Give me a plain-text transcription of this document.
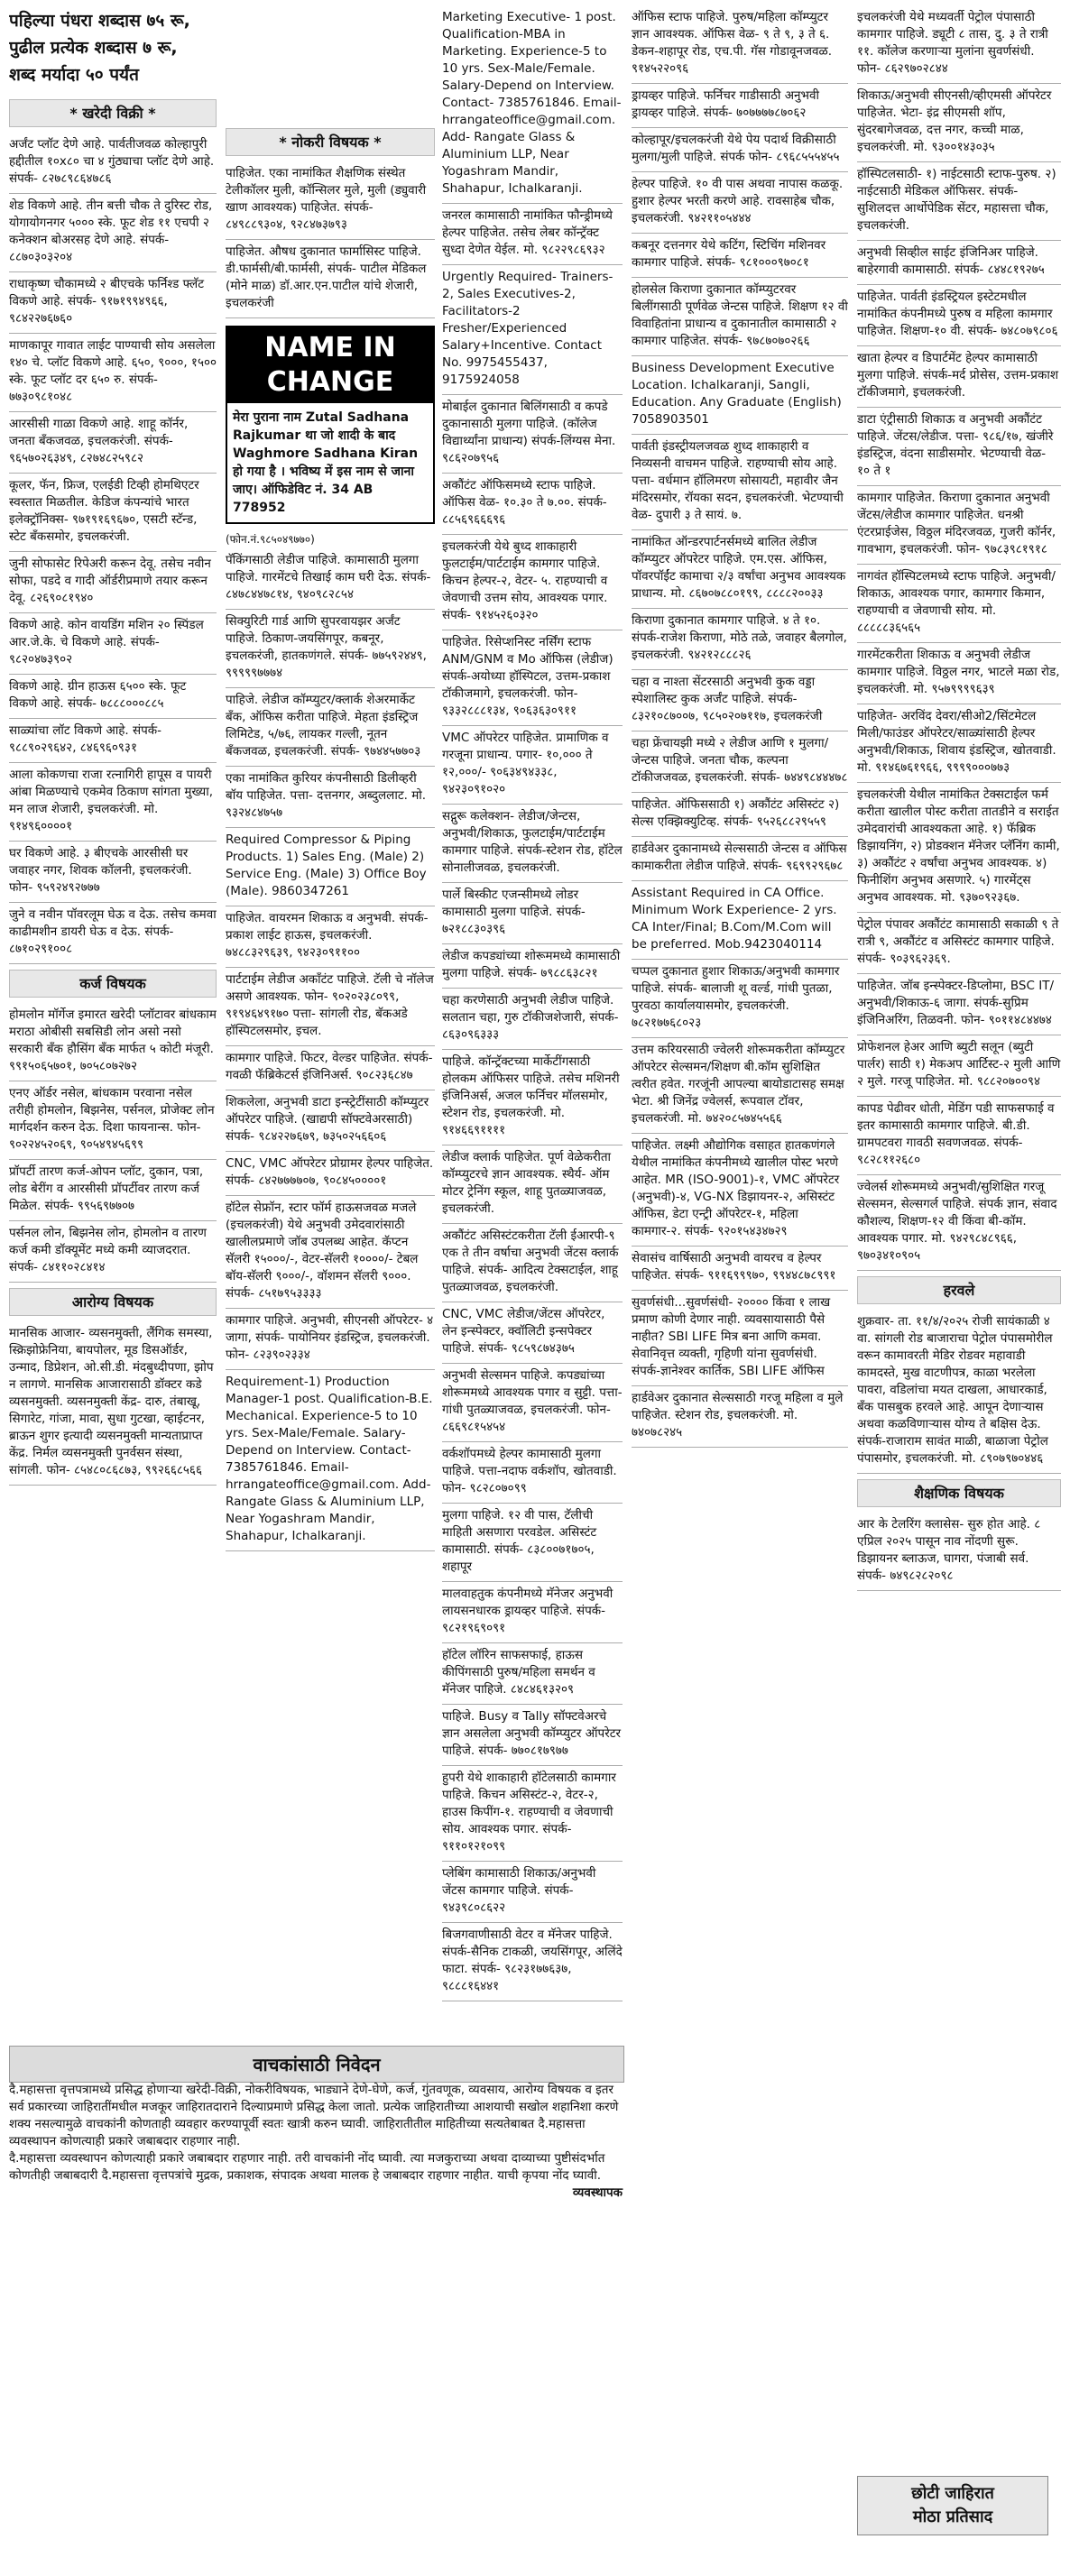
पहिल्या पंधरा शब्दास ७५ रू,
पुढील प्रत्येक शब्दास ७ रू,
शब्द मर्यादा ५० पर्यंत
* खरेदी विक्री *
अर्जंट प्लॉट देणे आहे. पार्वतीजवळ कोल्हापुरी हद्दीतील १०x८० चा ४ गुंठ्याचा प्लॉट देणे आहे. संपर्क- ८२७८९८६४७८६
शेड विकणे आहे. तीन बत्ती चौक ते दुरिस्ट रोड, योगायोगनगर ५००० स्के. फूट शेड ११ एचपी २ कनेक्शन बोअरसह देणे आहे. संपर्क- ८८७०३०३२०४
राधाकृष्ण चौकामध्ये २ बीएचके फर्निश्ड फ्लॅट विकणे आहे. संपर्क- ९१७१९९४९६६, ९८४२२७६७६०
माणकापूर गावात लाईट पाण्याची सोय असलेला १४० चे. प्लॉट विकणे आहे. ६५०, ९०००, १५०० स्के. फूट प्लॉट दर ६५० रु. संपर्क- ७७३०९८१०४८
आरसीसी गाळा विकणे आहे. शाहू कॉर्नर, जनता बँकजवळ, इचलकरंजी. संपर्क- ९६५७०२६३४९, ८२७४८२५९८२
कूलर, फॅन, फ्रिज, एलईडी टिव्ही होमथिएटर स्वस्तात मिळतील. केडिज कंपन्यांचे भारत इलेक्ट्रॉनिक्स- ९७१९१६९६७०, एसटी स्टॅन्ड, स्टेट बँकसमोर, इचलकरंजी.
जुनी सोफासेट रिपेअरी करून देवू. तसेच नवीन सोफा, पडदे व गादी ऑर्डरीप्रमाणे तयार करून देवू. ८२६९०८१९४०
विकणे आहे. कोन वायडिंग मशिन २० स्पिंडल आर.जे.के. चे विकणे आहे. संपर्क- ९८२०४७३९०२
विकणे आहे. ग्रीन हाऊस ६५०० स्के. फूट विकणे आहे. संपर्क- ७८८८०००८८५
साळ्यांचा लॉट विकणे आहे. संपर्क- ९८८९०२९६४२, ८४६९६०९३१
आला कोकणचा राजा रत्नागिरी हापूस व पायरी आंबा मिळण्याचे एकमेव ठिकाण सांगता मुख्या, मन लाज शेजारी, इचलकरंजी. मो. ९१४९६००००१
घर विकणे आहे. ३ बीएचके आरसीसी घर जवाहर नगर, शिवक कॉलनी, इचलकरंजी. फोन- ९५९२४९२७७७
जुने व नवीन पॉवरलूम घेऊ व देऊ. तसेच कमवा काढीमशीन डायरी घेऊ व देऊ. संपर्क- ८७१०२९१००८
कर्ज विषयक
होमलोन मॉर्गेज इमारत खरेदी प्लॉटावर बांधकाम मराठा ओबीसी सबसिडी लोन असो नसो सरकारी बँक हौसिंग बँक मार्फत ५ कोटी मंजूरी. ९९१५०६५७०१, ७०५८०७२७२
एनए ऑर्डर नसेल, बांधकाम परवाना नसेल तरीही होमलोन, बिझनेस, पर्सनल, प्रोजेक्ट लोन मार्गदर्शन करुन देऊ. दिशा फायनान्स. फोन- ९०२२४५२०६९, ९०५४९४५६९९
प्रॉपर्टी तारण कर्ज-ओपन प्लॉट, दुकान, पत्रा, लोड बेरींग व आरसीसी प्रॉपर्टीवर तारण कर्ज मिळेल. संपर्क- ९९५६९७७०७
पर्सनल लोन, बिझनेस लोन, होमलोन व तारण कर्ज कमी डॉक्यूमेंट मध्ये कमी व्याजदरात. संपर्क- ८४११०२८४१४
आरोग्य विषयक
मानसिक आजार- व्यसनमुक्ती, लैंगिक समस्या, स्क्रिझोफ्रेनिया, बायपोलर, मूड डिसऑर्डर, उन्माद, डिप्रेशन, ओ.सी.डी. मंदबुध्दीपणा, झोप न लागणे. मानसिक आजारासाठी डॉक्टर कडे व्यसनमुक्ती. व्यसनमुक्ती केंद्र- दारु, तंबाखू, सिगारेट, गांजा, मावा, सुधा गुटखा, व्हाईटनर, ब्राऊन शुगर इत्यादी व्यसनमुक्ती मान्यताप्राप्त केंद्र. निर्मल व्यसनमुक्ती पुनर्वसन संस्था, सांगली. फोन- ८५४८०८६८७३, ९९२६६८५६६
* नोकरी विषयक *
पाहिजेत. एका नामांकित शैक्षणिक संस्थेत टेलीकॉलर मुली, कॉन्सिलर मुले, मुली (ड्युवारी खाण आवश्यक) पाहिजेत. संपर्क- ८४९८८९३०४, ९२८४७३७९३
पाहिजेत. औषध दुकानात फार्मासिस्ट पाहिजे. डी.फार्मसी/बी.फार्मसी, संपर्क- पाटील मेडिकल (मोने माळ) डॉ.आर.एन.पाटील यांचे शेजारी, इचलकरंजी
NAME IN
CHANGE
मेरा पुराना नाम Zutal Sadhana Rajkumar था जो शादी के बाद Waghmore Sadhana Kiran हो गया है । भविष्य में इस नाम से जाना जाए। ऑफिडेविट नं. 34 AB 778952
(फोन.नं.९८५०४९७७०)
पॅकिंगसाठी लेडीज पाहिजे. कामासाठी मुलगा पाहिजे. गारमेंटचे तिखाई काम घरी देऊ. संपर्क- ८४७८४४७८१४, ९४०९८२८५४
सिक्युरिटी गार्ड आणि सुपरवायझर अर्जंट पाहिजे. ठिकाण-जयसिंगपूर, कबनूर, इचलकरंजी, हातकणंगले. संपर्क- ७७५९२४४९, ९९९९९७७७४
पाहिजे. लेडीज कॉम्प्युटर/क्लार्क शेअरमार्केट बँक, ऑफिस करीता पाहिजे. मेहता इंडस्ट्रिज लिमिटेड, ५/७६, लायकर गल्ली, नूतन बँकजवळ, इचलकरंजी. संपर्क- ९७४४५७७०३
एका नामांकित कुरियर कंपनीसाठी डिलीव्हरी बॉय पाहिजेत. पत्ता- दत्तनगर, अब्दुललाट. मो. ९३२४८४७५७
Required Compressor & Piping Products. 1) Sales Eng. (Male) 2) Service Eng. (Male) 3) Office Boy (Male). 9860347261
पाहिजेत. वायरमन शिकाऊ व अनुभवी. संपर्क- प्रकाश लाईट हाऊस, इचलकरंजी. ७४८८३२९६३९, ९४२३०९११००
पार्टटाईम लेडीज अकॉंटंट पाहिजे. टॅली चे नॉलेज असणे आवश्यक. फोन- ९०२०२३८०९९, ९१९४६४९१७० पत्ता- सांगली रोड, बॅकअडे हॉस्पिटलसमोर, इचल.
कामगार पाहिजे. फिटर, वेल्डर पाहिजेत. संपर्क-गवळी फॅब्रिकेटर्स इंजिनिअर्स. ९०८२३६८४७
शिकलेला, अनुभवी डाटा इन्स्ट्रेटींसाठी कॉम्प्युटर ऑपरेटर पाहिजे. (खाद्यपी सॉफ्टवेअरसाठी) संपर्क- ९८४२२७६७९, ७३५०२५६६०६
CNC, VMC ऑपरेटर प्रोग्रामर हेल्पर पाहिजेत. संपर्क- ८४२७७७७०७, ९०८४५००००१
हॉटेल सेफ्रॉन, स्टार फॉर्म हाऊसजवळ मजले (इचलकरंजी) येथे अनुभवी उमेदवारांसाठी खालीलप्रमाणे जॉब उपलब्ध आहेत. कॅप्टन सॅलरी १५०००/-, वेटर-सॅलरी १००००/- टेबल बॉय-सॅलरी ९०००/-, वॉशमन सॅलरी ९०००. संपर्क- ८५१७९५३३३३
कामगार पाहिजे. अनुभवी, सीएनसी ऑपरेटर- ४ जागा, संपर्क- पायोनियर इंडस्ट्रिज, इचलकरंजी. फोन- ८२३९०२३३४
Requirement-1) Production Manager-1 post. Qualification-B.E. Mechanical. Experience-5 to 10 yrs. Sex-Male/Female. Salary-Depend on Interview. Contact- 7385761846. Email-hrrangateoffice@gmail.com. Add- Rangate Glass & Aluminium LLP, Near Yogashram Mandir, Shahapur, Ichalkaranji.
Marketing Executive- 1 post. Qualification-MBA in Marketing. Experience-5 to 10 yrs. Sex-Male/Female. Salary-Depend on Interview. Contact- 7385761846. Email-hrrangateoffice@gmail.com. Add- Rangate Glass & Aluminium LLP, Near Yogashram Mandir, Shahapur, Ichalkaranji.
जनरल कामासाठी नामांकित फौन्ड्रीमध्ये हेल्पर पाहिजेत. तसेच लेबर कॉन्ट्रॅक्ट सुध्दा देणेत येईल. मो. ९८२२९८६९३२
Urgently Required- Trainers-2, Sales Executives-2, Facilitators-2 Fresher/Experienced Salary+Incentive. Contact No. 9975455437, 9175924058
मोबाईल दुकानात बिलिंगसाठी व कपडे दुकानासाठी मुलगा पाहिजे. (कॉलेज विद्यार्थ्यांना प्राधान्य) संपर्क-लिंग्यस मेना. ९८६२०७९५६
अकौंटंट ऑफिसमध्ये स्टाफ पाहिजे. ऑफिस वेळ- १०.३० ते ७.००. संपर्क- ८८५६९६६६९६
इचलकरंजी येथे बुध्द शाकाहारी फुलटाईम/पार्टटाईम कामगार पाहिजे. किचन हेल्पर-२, वेटर- ५. राहण्याची व जेवणाची उत्तम सोय, आवश्यक पगार. संपर्क- ९१४५२६०३२०
पाहिजेत. रिसेप्शनिस्ट नर्सिंग स्टाफ ANM/GNM व Mo ऑफिस (लेडीज) संपर्क-अयोध्या हॉस्पिटल, उत्तम-प्रकाश टॉकीजमागे, इचलकरंजी. फोन- ९३३२८८८१३४, ९०६३६३०९११
VMC ऑपरेटर पाहिजेत. प्रामाणिक व गरजूना प्राधान्य. पगार- १०,००० ते १२,०००/- ९०६३४९४३३८, ९४२३०९१०२०
सद्गुरू कलेक्शन- लेडीज/जेन्टस, अनुभवी/शिकाऊ, फुलटाईम/पार्टटाईम कामगार पाहिजे. संपर्क-स्टेशन रोड, हॉटेल सोनालीजवळ, इचलकरंजी.
पार्ले बिस्कीट एजन्सीमध्ये लोडर कामासाठी मुलगा पाहिजे. संपर्क- ७२१८८३०३९६
लेडीज कपड्यांच्या शोरूममध्ये कामासाठी मुलगा पाहिजे. संपर्क- ७९८८६३८२१
चहा करणेसाठी अनुभवी लेडीज पाहिजे. सलतान चहा, गुरु टॉकीजशेजारी, संपर्क- ८६३०९६३३३
पाहिजे. कॉन्ट्रॅक्टच्या मार्केटींगसाठी होलकम ऑफिसर पाहिजे. तसेच मशिनरी इंजिनिअर्स, अजल फर्निचर मॉलसमोर, स्टेशन रोड, इचलकरंजी. मो. ९१४६६९११११
लेडीज क्लार्क पाहिजेत. पूर्ण वेळेकरीता कॉम्प्युटरचे ज्ञान आवश्यक. स्थैर्य- ऑम मोटर ट्रेनिंग स्कूल, शाहू पुतळ्याजवळ, इचलकरंजी.
अकौंटंट असिस्टंटकरीता टॅली ईआरपी-९ एक ते तीन वर्षाचा अनुभवी जेंटस क्लार्क पाहिजे. संपर्क- आदित्य टेक्सटाईल, शाहू पुतळ्याजवळ, इचलकरंजी.
CNC, VMC लेडीज/जेंटस ऑपरेटर, लेन इन्स्पेक्टर, क्वॉलिटी इन्सपेक्टर पाहिजे. संपर्क- ९८५९८७४३७५
अनुभवी सेल्समन पाहिजे. कपड्यांच्या शोरूममध्ये आवश्यक पगार व सुट्टी. पत्ता-गांधी पुतळ्याजवळ, इचलकरंजी. फोन- ८६६९८१५४५४
वर्कशॉपमध्ये हेल्पर कामासाठी मुलगा पाहिजे. पत्ता-नदाफ वर्कशॉप, खोतवाडी. फोन- ९८२८०७०९९
मुलगा पाहिजे. १२ वी पास, टॅलीची माहिती असणारा परवडेल. असिस्टंट कामासाठी. संपर्क- ८३८००७१७०५, शहापूर
मालवाहतुक कंपनीमध्ये मॅनेजर अनुभवी लायसनधारक ड्रायव्हर पाहिजे. संपर्क- ९८२१९६९०९१
हॉटेल लॉरिन साफसफाई, हाऊस कीपिंगसाठी पुरुष/महिला समर्थन व मॅनेजर पाहिजे. ८४८४६१३२०९
पाहिजे. Busy व Tally सॉफ्टवेअरचे ज्ञान असलेला अनुभवी कॉम्प्युटर ऑपरेटर पाहिजे. संपर्क- ७७०८१७९७७
हुपरी येथे शाकाहारी हॉटेलसाठी कामगार पाहिजे. किचन असिस्टंट-२, वेटर-२, हाउस किपींग-१. राहण्याची व जेवणाची सोय. आवश्यक पगार. संपर्क- ९११०१२१०९९
प्लेबिंग कामासाठी शिकाऊ/अनुभवी जेंटस कामगार पाहिजे. संपर्क- ९४३९८०८६२२
बिजगवाणीसाठी वेटर व मॅनेजर पाहिजे. संपर्क-सैनिक टाकळी, जयसिंगपूर, अलिंदे फाटा. संपर्क- ९८२३१७७६३७, ९८८८१६४४१
ऑफिस स्टाफ पाहिजे. पुरुष/महिला कॉम्प्युटर ज्ञान आवश्यक. ऑफिस वेळ- ९ ते ९, ३ ते ६. डेकन-शहापूर रोड, एच.पी. गॅस गोडावूनजवळ. ९१४५२२०९६
ड्रायव्हर पाहिजे. फर्निचर गाडीसाठी अनुभवी ड्रायव्हर पाहिजे. संपर्क- ७०७७७७८७०६२
कोल्हापूर/इचलकरंजी येथे पेय पदार्थ विक्रीसाठी मुलगा/मुली पाहिजे. संपर्क फोन- ८९६८५५५४५५
हेल्पर पाहिजे. १० वी पास अथवा नापास कळकू. हुशार हेल्पर भरती करणे आहे. रावसाहेब चौक, इचलकरंजी. ९४२११०५४४४
कबनूर दत्तनगर येथे कटिंग, स्टिचिंग मशिनवर कामगार पाहिजे. संपर्क- ९८१०००९७०८१
होलसेल किराणा दुकानात कॉम्प्युटरवर बिलींगसाठी पूर्णवेळ जेन्टस पाहिजे. शिक्षण १२ वी विवाहितांना प्राधान्य व दुकानातील कामासाठी २ कामगार पाहिजेत. संपर्क- ९७८७०७०२६६
Business Development Executive Location. Ichalkaranji, Sangli, Education. Any Graduate (English) 7058903501
पार्वती इंडस्ट्रीयलजवळ शुध्द शाकाहारी व निव्यसनी वाचमन पाहिजे. राहण्याची सोय आहे. पत्ता- वर्धमान हॉलिमरण सोसायटी, महावीर जैन मंदिरसमोर, रॉयका सदन, इचलकरंजी. भेटण्याची वेळ- दुपारी ३ ते सायं. ७.
नामांकित ऑन्डरपार्टनर्समध्ये बालित लेडीज कॉम्प्युटर ऑपरेटर पाहिजे. एम.एस. ऑफिस, पॉवरपॉईंट कामाचा २/३ वर्षांचा अनुभव आवश्यक प्राधान्य. मो. ८६७०७८८०१९९, ८८८८२००३३
किराणा दुकानात कामगार पाहिजे. ४ ते १०. संपर्क-राजेश किराणा, मोठे तळे, जवाहर बैलगोल, इचलकरंजी. ९४२१२८८८२६
चहा व नाश्ता सेंटरसाठी अनुभवी कुक वड्डा स्पेशालिस्ट कुक अर्जंट पाहिजे. संपर्क- ८३२१०८७००७, ९८५०२०७११७, इचलकरंजी
चहा फ्रेंचायझी मध्ये २ लेडीज आणि १ मुलगा/जेन्टस पाहिजे. जनता चौक, कल्पना टॉकीजजवळ, इचलकरंजी. संपर्क- ७४४९८४४४७८
पाहिजेत. ऑफिससाठी १) अकौंटंट असिस्टंट २) सेल्स एक्झिक्युटिव्ह. संपर्क- ९५२६८८२९५५९
हार्डवेअर दुकानामध्ये सेल्ससाठी जेन्टस व ऑफिस कामाकरीता लेडीज पाहिजे. संपर्क- ९६९९२९६७८
Assistant Required in CA Office. Minimum Work Experience- 2 yrs. CA Inter/Final; B.Com/M.Com will be preferred. Mob.9423040114
चप्पल दुकानात हुशार शिकाऊ/अनुभवी कामगार पाहिजे. संपर्क- बालाजी शू वर्ल्ड, गांधी पुतळा, पुरवठा कार्यालयासमोर, इचलकरंजी. ७८२१७७६८०२३
उत्तम करियरसाठी ज्वेलरी शोरूमकरीता कॉम्प्युटर ऑपरेटर सेल्समन/शिक्षण बी.कॉम सुशिक्षित त्वरीत हवेत. गरजूंनी आपल्या बायोडाटासह समक्ष भेटा. श्री जिनेंद्र ज्वेलर्स, रूपवाल टॉवर, इचलकरंजी. मो. ७४२०८५७४५५६६
पाहिजेत. लक्ष्मी औद्योगिक वसाहत हातकणंगले येथील नामांकित कंपनीमध्ये खालील पोस्ट भरणे आहेत. MR (ISO-9001)-१, VMC ऑपरेटर (अनुभवी)-४, VG-NX डिझायनर-२, असिस्टंट ऑफिस, डेटा एन्ट्री ऑपरेटर-१, महिला कामगार-२. संपर्क- ९२०१५४३४७२९
सेवासंच वार्षिसाठी अनुभवी वायरच व हेल्पर पाहिजेत. संपर्क- ९११६९९९७०, ९९४४८७८९९१
सुवर्णसंधी...सुवर्णसंधी- २०००० किंवा १ लाख प्रमाण कोणी देणार नाही. व्यवसायासाठी पैसे नाहीत? SBI LIFE मित्र बना आणि कमवा. सेवानिवृत्त व्यक्ती, गृहिणी यांना सुवर्णसंधी. संपर्क-ज्ञानेश्वर कार्तिक, SBI LIFE ऑफिस
हार्डवेअर दुकानात सेल्ससाठी गरजू महिला व मुले पाहिजेत. स्टेशन रोड, इचलकरंजी. मो. ७४०७८२४५
इचलकरंजी येथे मध्यवर्ती पेट्रोल पंपासाठी कामगार पाहिजे. ड्यूटी ८ तास, दु. ३ ते रात्री ११. कॉलेज करणाऱ्या मुलांना सुवर्णसंधी. फोन- ८६२९७०२८४४
शिकाऊ/अनुभवी सीएनसी/व्हीएमसी ऑपरेटर पाहिजेत. भेटा- इंद्र सीएमसी शॉप, सुंदरबागेजवळ, दत्त नगर, कच्ची माळ, इचलकरंजी. मो. ९३००१४३०३५
हॉस्पिटलसाठी- १) नाईटसाठी स्टाफ-पुरुष. २) नाईटसाठी मेडिकल ऑफिसर. संपर्क- सुशिलदत्त आर्थोपेडिक सेंटर, महासत्ता चौक, इचलकरंजी.
अनुभवी सिव्हील साईट इंजिनिअर पाहिजे. बाहेरगावी कामासाठी. संपर्क- ८४४८१९२७५
पाहिजेत. पार्वती इंडस्ट्रियल इस्टेटमधील नामांकित कंपनीमध्ये पुरुष व महिला कामगार पाहिजेत. शिक्षण-१० वी. संपर्क- ७४८०७९८०६
खाता हेल्पर व डिपार्टमेंट हेल्पर कामासाठी मुलगा पाहिजे. संपर्क-मर्द प्रोसेस, उत्तम-प्रकाश टॉकीजमागे, इचलकरंजी.
डाटा एंट्रीसाठी शिकाऊ व अनुभवी अकौंटंट पाहिजे. जेंटस/लेडीज. पत्ता- ९८६/१७, खंजीरे इंडस्ट्रिज, वंदना साडीसमोर. भेटण्याची वेळ- १० ते १
कामगार पाहिजेत. किराणा दुकानात अनुभवी जेंटस/लेडीज कामगार पाहिजेत. धनश्री एंटरप्राईजेस, विठ्ठल मंदिरजवळ, गुजरी कॉर्नर, गावभाग, इचलकरंजी. फोन- ९७८३९८१९१८
नागवंत हॉस्पिटलमध्ये स्टाफ पाहिजे. अनुभवी/शिकाऊ, आवश्यक पगार, कामगार किमान, राहण्याची व जेवणाची सोय. मो. ८८८८८३६५६५
गारमेंटकरीता शिकाऊ व अनुभवी लेडीज कामगार पाहिजे. विठ्ठल नगर, भाटले मळा रोड, इचलकरंजी. मो. ९५७९९९९६३९
पाहिजेत- अरविंद देवरा/सीओ2/सिंटमेटल मिली/फाउंडर ऑपरेटर/साळ्यांसाठी हेल्पर अनुभवी/शिकाऊ, शिवाय इंडस्ट्रिज, खोतवाडी. मो. ९१४६७६१९६६, ९९९९०००७७३
इचलकरंजी येथील नामांकित टेक्सटाईल फर्म करीता खालील पोस्ट करीता तातडीने व सराईत उमेदवारांची आवश्यकता आहे. १) फॅब्रिक डिझायनिंग, २) प्रोडक्शन मॅनेजर प्लॅनिंग कामी, ३) अकौंटंट २ वर्षांचा अनुभव आवश्यक. ४) फिनीशिंग अनुभव असणारे. ५) गारमेंट्स अनुभव आवश्यक. मो. ९३७०९२३६७.
पेट्रोल पंपावर अकौंटंट कामासाठी सकाळी ९ ते रात्री ९, अकौंटंट व असिस्टंट कामगार पाहिजे. संपर्क- ९०३९६२३६९.
पाहिजेत. जॉब इन्स्पेक्टर-डिप्लोमा, BSC IT/ अनुभवी/शिकाऊ-६ जागा. संपर्क-सुप्रिम इंजिनिअरिंग, तिळवनी. फोन- ९०११४८४४७४
प्रोफेशनल हेअर आणि ब्युटी सलून (ब्युटी पार्लर) साठी १) मेकअप आर्टिस्ट-२ मुली आणि २ मुले. गरजू पाहिजेत. मो. ९८८२०७००९४
कापड पेढीवर धोती, मेडिंग पडी साफसफाई व इतर कामासाठी कामगार पाहिजे. बी.डी. ग्रामपटवरा गावठी सवणजवळ. संपर्क- ९८२८११२६८०
ज्वेलर्स शोरूममध्ये अनुभवी/सुशिक्षित गरजू सेल्समन, सेल्सगर्ल पाहिजे. संपर्क ज्ञान, संवाद कौशल्य, शिक्षण-१२ वी किंवा बी-कॉम. आवश्यक पगार. मो. ९४२९८४८९६६, ९७०३४१०९०५
हरवले
शुक्रवार- ता. ११/४/२०२५ रोजी सायंकाळी ४ वा. सांगली रोड बाजाराचा पेट्रोल पंपासमोरील वरून कामावरती मेडिर रोडवर महावाडी कामदस्ते, मुख वाटणीपत्र, काळा भरलेला पावरा, वडिलांचा मयत दाखला, आधारकार्ड, बँक पासबुक हरवले आहे. आपून देणाऱ्यास अथवा कळविणाऱ्यास योग्य ते बक्षिस देऊ. संपर्क-राजाराम सावंत माळी, बाळाजा पेट्रोल पंपासमोर, इचलकरंजी. मो. ८९०७९७०४४६
शैक्षणिक विषयक
आर के टेलरिंग क्लासेस- सुरु होत आहे. ८ एप्रिल २०२५ पासून नाव नोंदणी सुरू. डिझायनर ब्लाऊज, घागरा, पंजाबी सर्व. संपर्क- ७४९८२८२०९८
वाचकांसाठी निवेदन
दै.महासत्ता वृत्तपत्रामध्ये प्रसिद्ध होणाऱ्या खरेदी-विक्री, नोकरीविषयक, भाड्याने देणे-घेणे, कर्ज, गुंतवणूक, व्यवसाय, आरोग्य विषयक व इतर सर्व प्रकारच्या जाहिरातींमधील मजकूर जाहिरातदाराने दिल्याप्रमाणे प्रसिद्ध केला जातो. प्रत्येक जाहिरातीच्या आशयाची सखोल शहानिशा करणे शक्य नसल्यामुळे वाचकांनी कोणताही व्यवहार करण्यापूर्वी स्वतः खात्री करुन घ्यावी. जाहिरातीतील माहितीच्या सत्यतेबाबत दै.महासत्ता व्यवस्थापन कोणत्याही प्रकारे जबाबदार राहणार नाही.
दै.महासत्ता व्यवस्थापन कोणत्याही प्रकारे जबाबदार राहणार नाही. तरी वाचकांनी नोंद घ्यावी. त्या मजकुराच्या अथवा दाव्याच्या पुष्टीसंदर्भात कोणतीही जबाबदारी दै.महासत्ता वृत्तपत्रांचे मुद्रक, प्रकाशक, संपादक अथवा मालक हे जबाबदार राहणार नाहीत. याची कृपया नोंद घ्यावी.
व्यवस्थापक
छोटी जाहिरात
मोठा प्रतिसाद
